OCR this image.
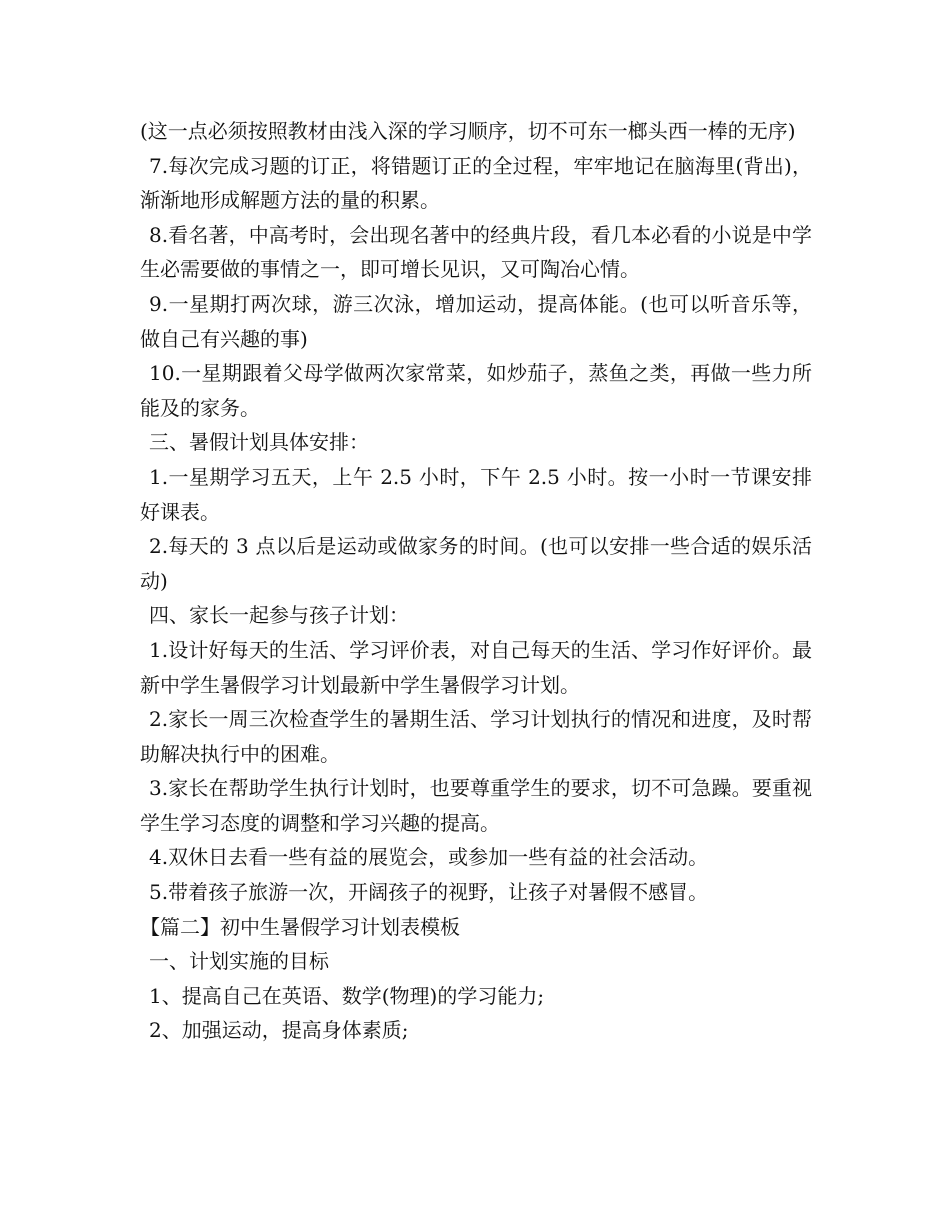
(这一点必须按照教材由浅入深的学习顺序，切不可东一榔头西一棒的无序)

7.每次完成习题的订正，将错题订正的全过程，牢牢地记在脑海里(背出)，渐渐地形成解题方法的量的积累。

8.看名著，中高考时，会出现名著中的经典片段，看几本必看的小说是中学生必需要做的事情之一，即可增长见识，又可陶冶心情。

9.一星期打两次球，游三次泳，增加运动，提高体能。(也可以听音乐等，做自己有兴趣的事)

10.一星期跟着父母学做两次家常菜，如炒茄子，蒸鱼之类，再做一些力所能及的家务。

三、暑假计划具体安排：

1.一星期学习五天，上午 2.5 小时，下午 2.5 小时。按一小时一节课安排好课表。

2.每天的 3 点以后是运动或做家务的时间。(也可以安排一些合适的娱乐活动)

四、家长一起参与孩子计划：

1.设计好每天的生活、学习评价表，对自己每天的生活、学习作好评价。最新中学生暑假学习计划最新中学生暑假学习计划。

2.家长一周三次检查学生的暑期生活、学习计划执行的情况和进度，及时帮助解决执行中的困难。

3.家长在帮助学生执行计划时，也要尊重学生的要求，切不可急躁。要重视学生学习态度的调整和学习兴趣的提高。

4.双休日去看一些有益的展览会，或参加一些有益的社会活动。

5.带着孩子旅游一次，开阔孩子的视野，让孩子对暑假不感冒。

【篇二】初中生暑假学习计划表模板

一、计划实施的目标

1、提高自己在英语、数学(物理)的学习能力;

2、加强运动，提高身体素质;
